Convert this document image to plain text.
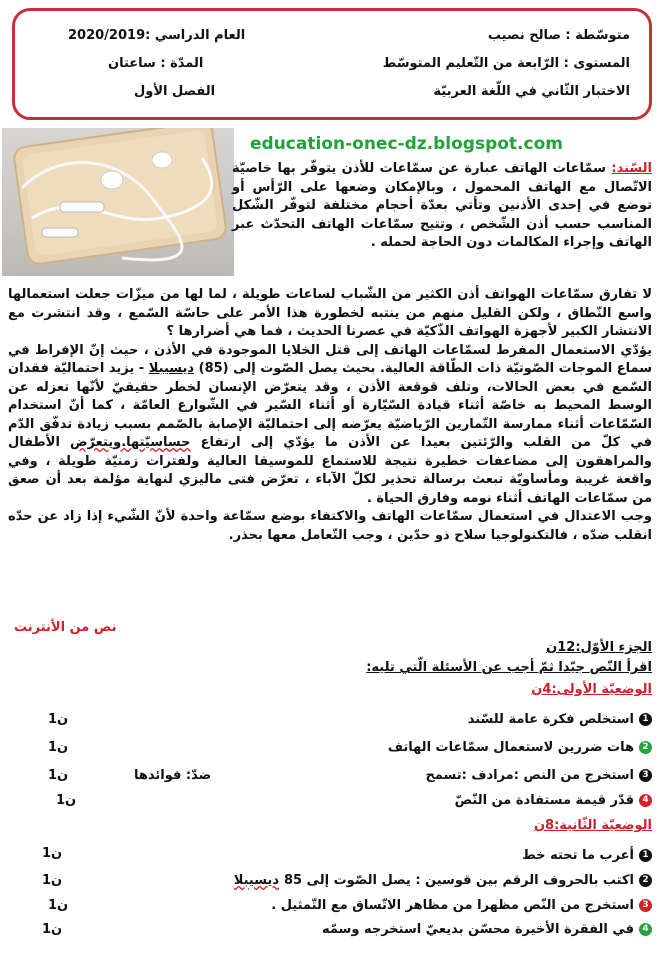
متوسّطة : صالح نصيب
العام الدراسي :2020/2019
المستوى : الرّابعة من التّعليم المتوسّط
المدّة : ساعتان
الاختبار الثّاني في اللّغة العربيّة
الفصل الأول
education-onec-dz.blogspot.com
السّند: سمّاعات الهاتف عبارة عن سمّاعات للأذن يتوفّر بها خاصيّة الاتّصال مع الهاتف المحمول ، وبالإمكان وضعها على الرّأس أو توضع في إحدى الأذنين وتأتي بعدّة أحجام مختلفة لتوفّر الشّكل المناسب حسب أذن الشّخص ، وتتيح سمّاعات الهاتف التحدّث عبر الهاتف وإجراء المكالمات دون الحاجة لحمله .
لا تفارق سمّاعات الهواتف أذن الكثير من الشّباب لساعات طويلة ، لما لها من ميزّات جعلت استعمالها واسع النّطاق ، ولكن القليل منهم من ينتبه لخطورة هذا الأمر على حاسّة السّمع ، وقد انتشرت مع الانتشار الكبير لأجهزة الهواتف الذّكيّة في عصرنا الحديث ، فما هي أضرارها ؟
يؤدّي الاستعمال المفرط لسمّاعات الهاتف إلى قتل الخلايا الموجودة في الأذن ، حيث إنّ الإفراط في سماع الموجات الصّوتيّة ذات الطّاقة العالية. بحيث يصل الصّوت إلى (85) ديسيبلا - يزيد احتماليّة فقدان السّمع في بعض الحالات، وتلف قوقعة الأذن ، وقد يتعرّض الإنسان لخطر حقيقيّ لأنّها تعزله عن الوسط المحيط به خاصّة أثناء قيادة السّيّارة أو أثناء السّير في الشّوارع العامّة ، كما أنّ استخدام السّمّاعات أثناء ممارسة التّمارين الرّياضيّة يعرّضه إلى احتماليّة الإصابة بالصّمم بسبب زيادة تدفّق الدّم في كلّ من القلب والرّئتين بعيدا عن الأذن ما يؤدّي إلى ارتفاع حساسيّتها.ويتعرّض الأطفال والمراهقون إلى مضاعفات خطيرة نتيجة للاستماع للموسيقا العالية ولفترات زمنيّة طويلة ، وفي واقعة غريبة ومأساويّة تبعث برسالة تحذير لكلّ الآباء ، تعرّض فتى ماليزي لنهاية مؤلمة بعد أن صعق من سمّاعات الهاتف أثناء نومه وفارق الحياة .
وجب الاعتدال في استعمال سمّاعات الهاتف والاكتفاء بوضع سمّاعة واحدة لأنّ الشّيء إذا زاد عن حدّه انقلب ضدّه ، فالتكنولوجيا سلاح ذو حدّين ، وجب التّعامل معها بحذر.
نص من الأنترنت
الجزء الأوّل:12ن
اقرأ النّص جيّدا ثمّ أجب عن الأسئلة الّتي تليه:
الوضعيّة الأولى:4ن
1
استخلص فكرة عامة للسّند
1ن
2
هات ضررين لاستعمال سمّاعات الهاتف
1ن
3
استخرج من النص :مرادف :تسمح
ضدّ: فوائدها
1ن
4
قدّر قيمة مستفادة من النّصّ
1ن
الوضعيّة الثّانية:8ن
1
أعرب ما تحته خط
1ن
2
اكتب بالحروف الرقم بين قوسين : يصل الصّوت إلى 85
ديسيبلا
1ن
3
استخرج من النّص مظهرا من مظاهر الاتّساق مع التّمثيل .
1ن
4
في الفقرة الأخيرة محسّن بديعيّ استخرجه وسمّه
1ن
